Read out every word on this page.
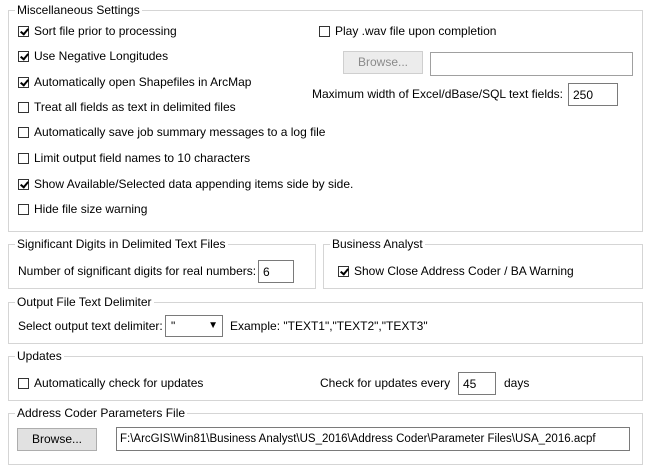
Miscellaneous Settings
Sort file prior to processing
Use Negative Longitudes
Automatically open Shapefiles in ArcMap
Treat all fields as text in delimited files
Automatically save job summary messages to a log file
Limit output field names to 10 characters
Show Available/Selected data appending items side by side.
Hide file size warning
Play .wav file upon completion
Browse...
Maximum width of Excel/dBase/SQL text fields: 250
Significant Digits in Delimited Text Files
Number of significant digits for real numbers: 6
Business Analyst
Show Close Address Coder / BA Warning
Output File Text Delimiter
Select output text delimiter: "	▼ Example: "TEXT1","TEXT2","TEXT3"
Updates
Automatically check for updates	Check for updates every	45	days
Address Coder Parameters File
Browse...	F:\ArcGIS\Win81\Business Analyst\US_2016\Address Coder\Parameter Files\USA_2016.acpf
